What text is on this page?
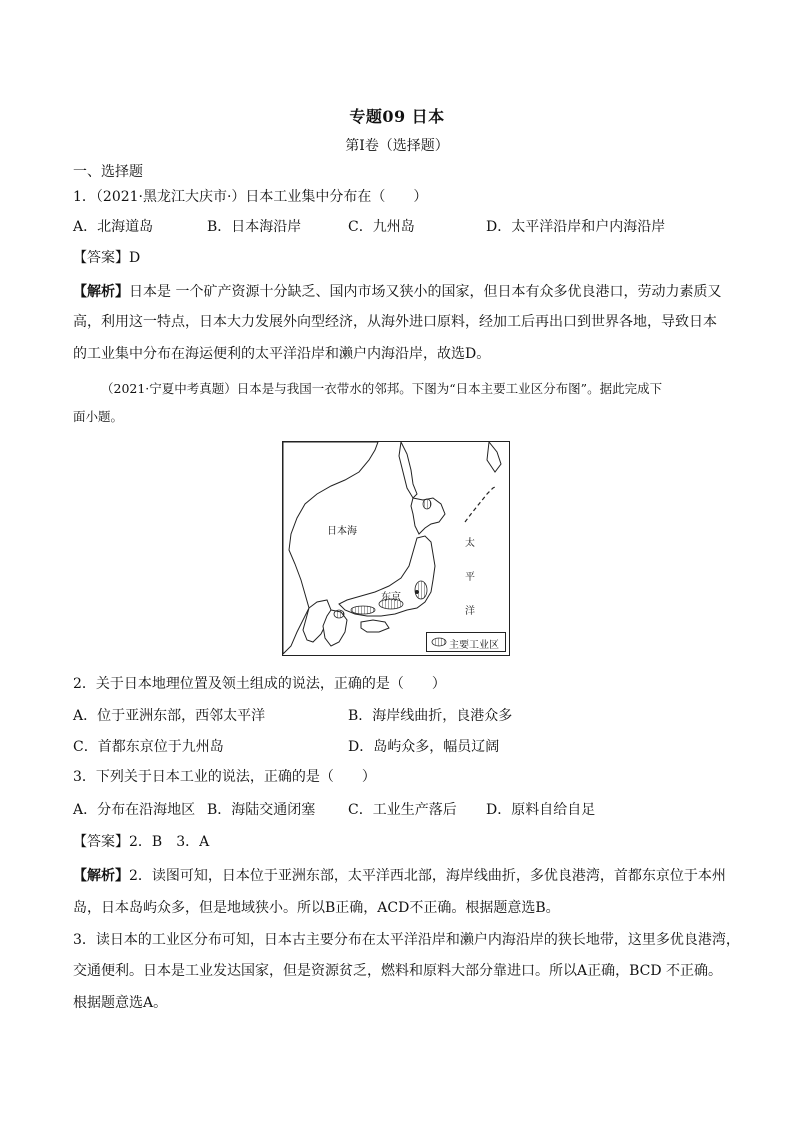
专题09 日本
第I卷（选择题）
一、选择题
1．（2021·黑龙江大庆市·）日本工业集中分布在（　　）
A．北海道岛	B．日本海沿岸	C．九州岛	D．太平洋沿岸和户内海沿岸
【答案】D
【解析】日本是 一个矿产资源十分缺乏、国内市场又狭小的国家，但日本有众多优良港口，劳动力素质又
高，利用这一特点，日本大力发展外向型经济，从海外进口原料，经加工后再出口到世界各地，导致日本
的工业集中分布在海运便利的太平洋沿岸和濑户内海沿岸，故选D。
（2021·宁夏中考真题）日本是与我国一衣带水的邻邦。下图为“日本主要工业区分布图”。据此完成下
面小题。
日本海
东京
太
平
洋
主要工业区
2．关于日本地理位置及领土组成的说法，正确的是（　　）
A．位于亚洲东部，西邻太平洋	B．海岸线曲折，良港众多
C．首都东京位于九州岛	D．岛屿众多，幅员辽阔
3．下列关于日本工业的说法，正确的是（　　）
A．分布在沿海地区 B．海陆交通闭塞 C．工业生产落后 D．原料自给自足
【答案】2．B　3．A
【解析】2．读图可知，日本位于亚洲东部，太平洋西北部，海岸线曲折，多优良港湾，首都东京位于本州
岛，日本岛屿众多，但是地域狭小。所以B正确，ACD不正确。根据题意选B。
3．读日本的工业区分布可知，日本古主要分布在太平洋沿岸和濑户内海沿岸的狭长地带，这里多优良港湾，
交通便利。日本是工业发达国家，但是资源贫乏，燃料和原料大部分靠进口。所以A正确，BCD 不正确。
根据题意选A。
